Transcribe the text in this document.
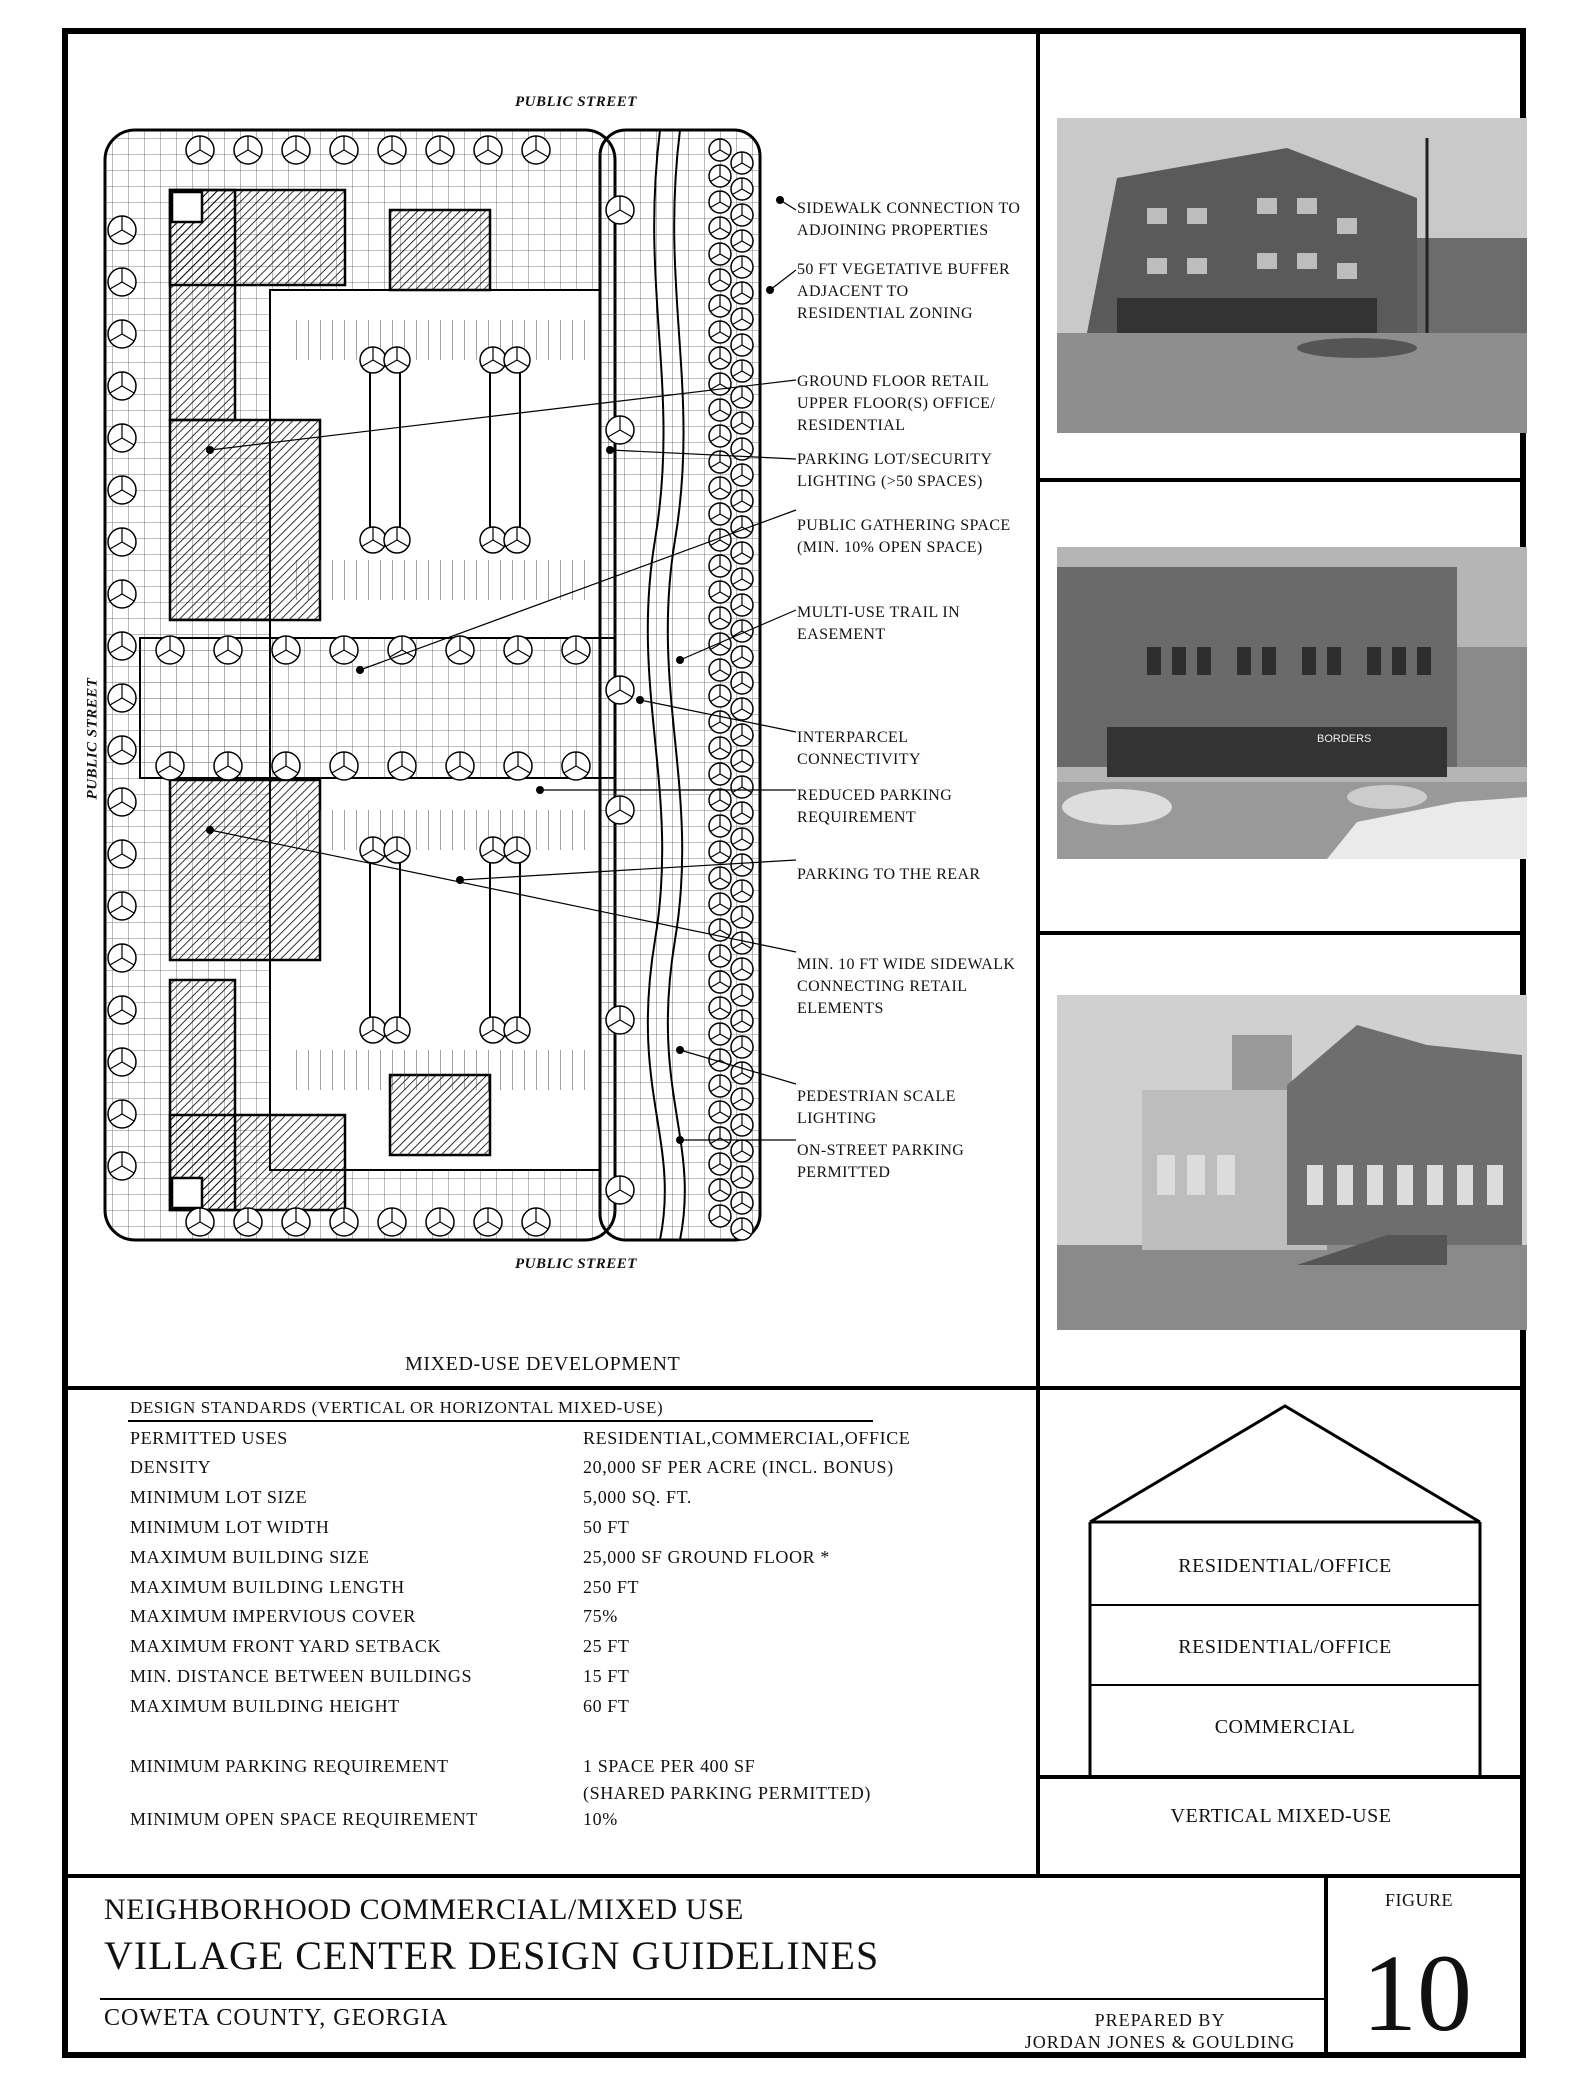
PUBLIC STREET
PUBLIC STREET
PUBLIC STREET
SIDEWALK CONNECTION TO
ADJOINING PROPERTIES
50 FT VEGETATIVE BUFFER
ADJACENT TO
RESIDENTIAL ZONING
GROUND FLOOR RETAIL
UPPER FLOOR(S) OFFICE/
RESIDENTIAL
PARKING LOT/SECURITY
LIGHTING (>50 SPACES)
PUBLIC GATHERING SPACE
(MIN. 10% OPEN SPACE)
MULTI-USE TRAIL IN
EASEMENT
INTERPARCEL
CONNECTIVITY
REDUCED PARKING
REQUIREMENT
PARKING TO THE REAR
MIN. 10 FT WIDE SIDEWALK
CONNECTING RETAIL
ELEMENTS
PEDESTRIAN SCALE
LIGHTING
ON-STREET PARKING
PERMITTED
MIXED-USE DEVELOPMENT
BORDERS
DESIGN STANDARDS (VERTICAL OR HORIZONTAL MIXED-USE)
PERMITTED USES	RESIDENTIAL,COMMERCIAL,OFFICE
DENSITY	20,000 SF PER ACRE (INCL. BONUS)
MINIMUM LOT SIZE	5,000 SQ. FT.
MINIMUM LOT WIDTH	50 FT
MAXIMUM BUILDING SIZE	25,000 SF GROUND FLOOR *
MAXIMUM BUILDING LENGTH	250 FT
MAXIMUM IMPERVIOUS COVER	75%
MAXIMUM FRONT YARD SETBACK	25 FT
MIN. DISTANCE BETWEEN BUILDINGS	15 FT
MAXIMUM BUILDING HEIGHT	60 FT
MINIMUM PARKING REQUIREMENT	1 SPACE PER 400 SF
(SHARED PARKING PERMITTED)
MINIMUM OPEN SPACE REQUIREMENT	10%
RESIDENTIAL/OFFICE
RESIDENTIAL/OFFICE
COMMERCIAL
VERTICAL MIXED-USE
NEIGHBORHOOD COMMERCIAL/MIXED USE
VILLAGE CENTER DESIGN GUIDELINES
COWETA COUNTY, GEORGIA	PREPARED BY
JORDAN JONES & GOULDING
FIGURE
10
